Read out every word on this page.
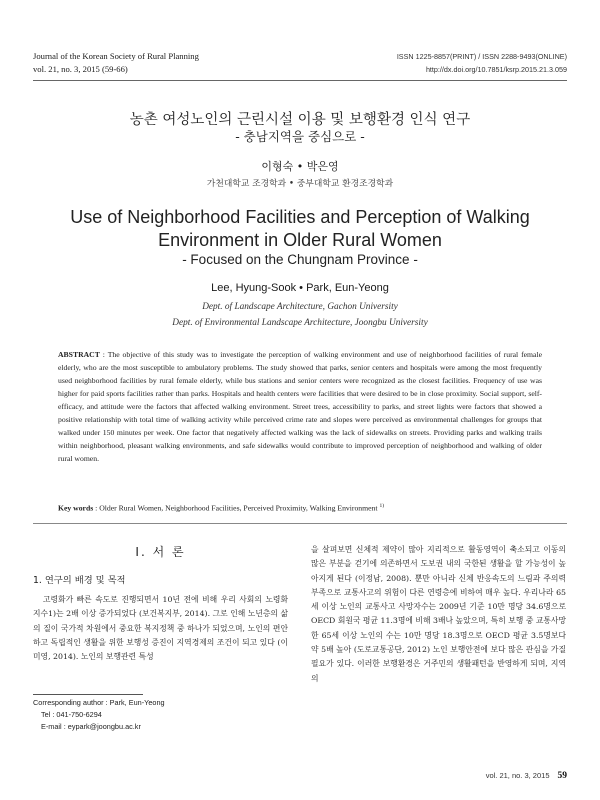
Journal of the Korean Society of Rural Planning
vol. 21, no. 3, 2015 (59-66)
ISSN 1225-8857(PRINT) / ISSN 2288-9493(ONLINE)
http://dx.doi.org/10.7851/ksrp.2015.21.3.059
농촌 여성노인의 근린시설 이용 및 보행환경 인식 연구
- 충남지역을 중심으로 -
이형숙 • 박은영
가천대학교 조경학과 • 중부대학교 환경조경학과
Use of Neighborhood Facilities and Perception of Walking
Environment in Older Rural Women
- Focused on the Chungnam Province -
Lee, Hyung-Sook • Park, Eun-Yeong
Dept. of Landscape Architecture, Gachon University
Dept. of Environmental Landscape Architecture, Joongbu University
ABSTRACT : The objective of this study was to investigate the perception of walking environment and use of neighborhood facilities of rural female elderly, who are the most susceptible to ambulatory problems. The study showed that parks, senior centers and hospitals were among the most frequently used neighborhood facilities by rural female elderly, while bus stations and senior centers were recognized as the closest facilities. Frequency of use was higher for paid sports facilities rather than parks. Hospitals and health centers were facilities that were desired to be in close proximity. Social support, self-efficacy, and attitude were the factors that affected walking environment. Street trees, accessibility to parks, and street lights were factors that showed a positive relationship with total time of walking activity while perceived crime rate and slopes were perceived as environmental challenges for groups that walked under 150 minutes per week. One factor that negatively affected walking was the lack of sidewalks on streets. Providing parks and walking trails within neighborhood, pleasant walking environments, and safe sidewalks would contribute to improved perception of neighborhood and walking of older rural women.
Key words : Older Rural Women, Neighborhood Facilities, Perceived Proximity, Walking Environment $^{1)}$
I. 서 론
1. 연구의 배경 및 목적
고령화가 빠른 속도로 진행되면서 10년 전에 비해 우리 사회의 노령화 지수1)는 2배 이상 증가되었다 (보건복지부, 2014). 그로 인해 노년층의 삶의 질이 국가적 차원에서 중요한 복지정책 중 하나가 되었으며, 노인의 편안하고 독립적인 생활을 위한 보행성 증진이 지역경제의 조건이 되고 있다 (이미영, 2014). 노인의 보행관련 특성
을 살펴보면 신체적 제약이 많아 지리적으로 활동영역이 축소되고 이동의 많은 부분을 걷기에 의존하면서 도보권 내의 국한된 생활을 할 가능성이 높아지게 된다 (이정남, 2008). 뿐만 아니라 신체 반응속도의 느림과 주의력 부족으로 교통사고의 위험이 다른 연령층에 비하여 매우 높다. 우리나라 65세 이상 노인의 교통사고 사망자수는 2009년 기준 10만 명당 34.6명으로 OECD 회원국 평균 11.3명에 비해 3배나 높았으며, 특히 보행 중 교통사망한 65세 이상 노인의 수는 10만 명당 18.3명으로 OECD 평균 3.5명보다 약 5배 높아 (도로교통공단, 2012) 노인 보행안전에 보다 많은 관심을 가질 필요가 있다. 이러한 보행환경은 거주민의 생활패턴을 반영하게 되며, 지역의
Corresponding author : Park, Eun-Yeong
Tel : 041-750-6294
E-mail : eypark@joongbu.ac.kr
vol. 21, no. 3, 2015 59
